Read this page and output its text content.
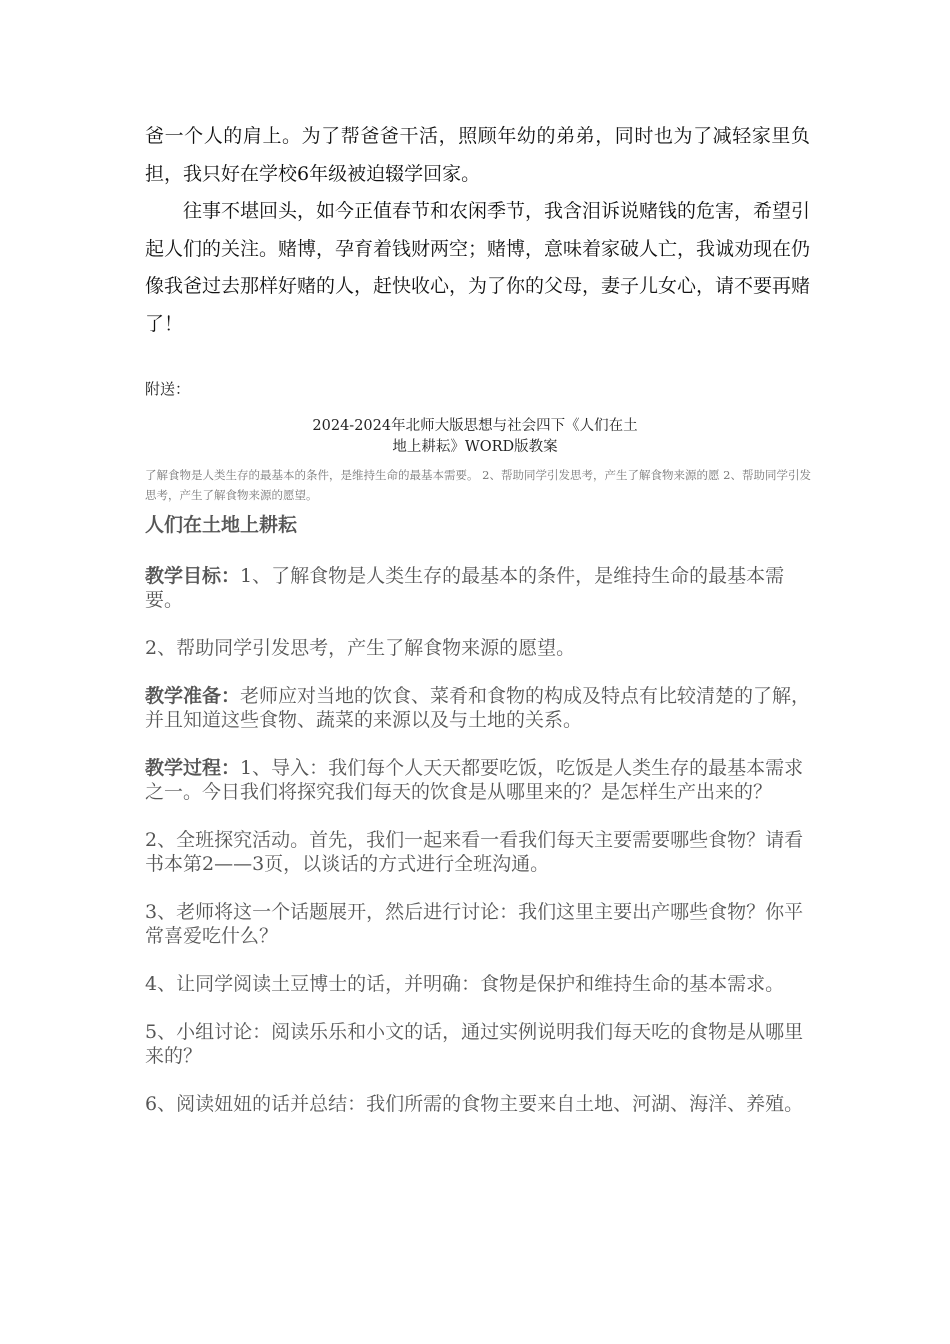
爸一个人的肩上。为了帮爸爸干活，照顾年幼的弟弟，同时也为了减轻家里负担，我只好在学校6年级被迫辍学回家。

往事不堪回头，如今正值春节和农闲季节，我含泪诉说赌钱的危害，希望引起人们的关注。赌博，孕育着钱财两空；赌博，意味着家破人亡，我诚劝现在仍像我爸过去那样好赌的人，赶快收心，为了你的父母，妻子儿女心，请不要再赌了！

附送：
2024-2024年北师大版思想与社会四下《人们在土
地上耕耘》WORD版教案
了解食物是人类生存的最基本的条件，是维持生命的最基本需要。 2、帮助同学引发思考，产生了解食物来源的愿 2、帮助同学引发思考，产生了解食物来源的愿望。
人们在土地上耕耘

教学目标：1、了解食物是人类生存的最基本的条件，是维持生命的最基本需要。

2、帮助同学引发思考，产生了解食物来源的愿望。

教学准备：老师应对当地的饮食、菜肴和食物的构成及特点有比较清楚的了解，并且知道这些食物、蔬菜的来源以及与土地的关系。

教学过程：1、导入：我们每个人天天都要吃饭，吃饭是人类生存的最基本需求之一。今日我们将探究我们每天的饮食是从哪里来的？是怎样生产出来的？

2、全班探究活动。首先，我们一起来看一看我们每天主要需要哪些食物？请看书本第2——3页，以谈话的方式进行全班沟通。

3、老师将这一个话题展开，然后进行讨论：我们这里主要出产哪些食物？你平常喜爱吃什么？

4、让同学阅读土豆博士的话，并明确：食物是保护和维持生命的基本需求。

5、小组讨论：阅读乐乐和小文的话，通过实例说明我们每天吃的食物是从哪里来的？

6、阅读妞妞的话并总结：我们所需的食物主要来自土地、河湖、海洋、养殖。
